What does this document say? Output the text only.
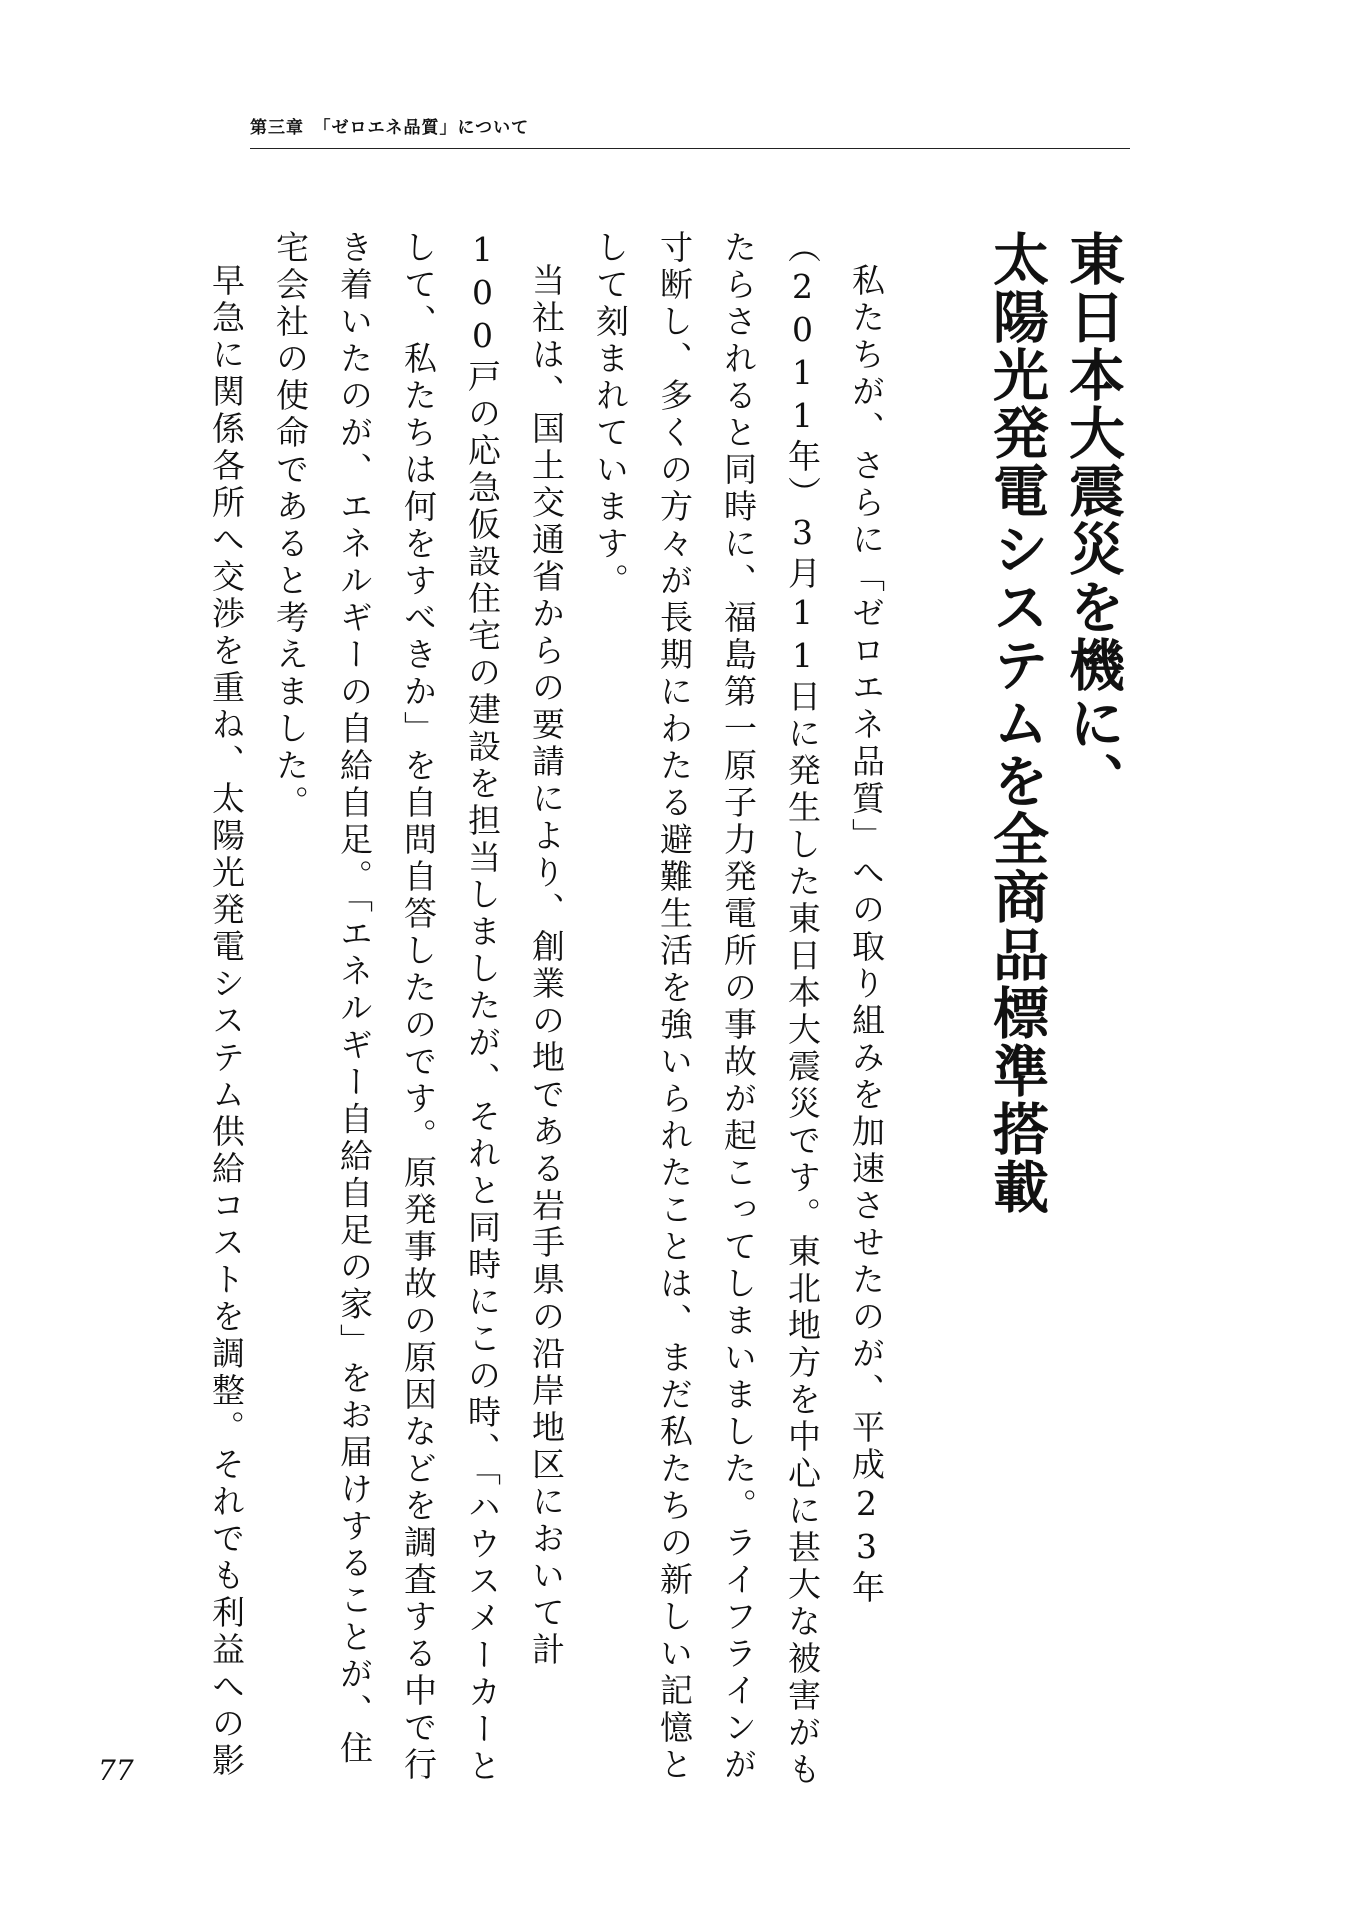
第三章　「ゼロエネ品質」について
東日本大震災を機に、
太陽光発電システムを全商品標準搭載

私たちが、さらに「ゼロエネ品質」への取り組みを加速させたのが、平成23年（2011年）3月11日に発生した東日本大震災です。東北地方を中心に甚大な被害がもたらされると同時に、福島第一原子力発電所の事故が起こってしまいました。ライフラインが寸断し、多くの方々が長期にわたる避難生活を強いられたことは、まだ私たちの新しい記憶として刻まれています。

当社は、国土交通省からの要請により、創業の地である岩手県の沿岸地区において計100戸の応急仮設住宅の建設を担当しましたが、それと同時にこの時、「ハウスメーカーとして、私たちは何をすべきか」を自問自答したのです。原発事故の原因などを調査する中で行き着いたのが、エネルギーの自給自足。「エネルギー自給自足の家」をお届けすることが、住宅会社の使命であると考えました。

早急に関係各所へ交渉を重ね、太陽光発電システム供給コストを調整。それでも利益への影

77
